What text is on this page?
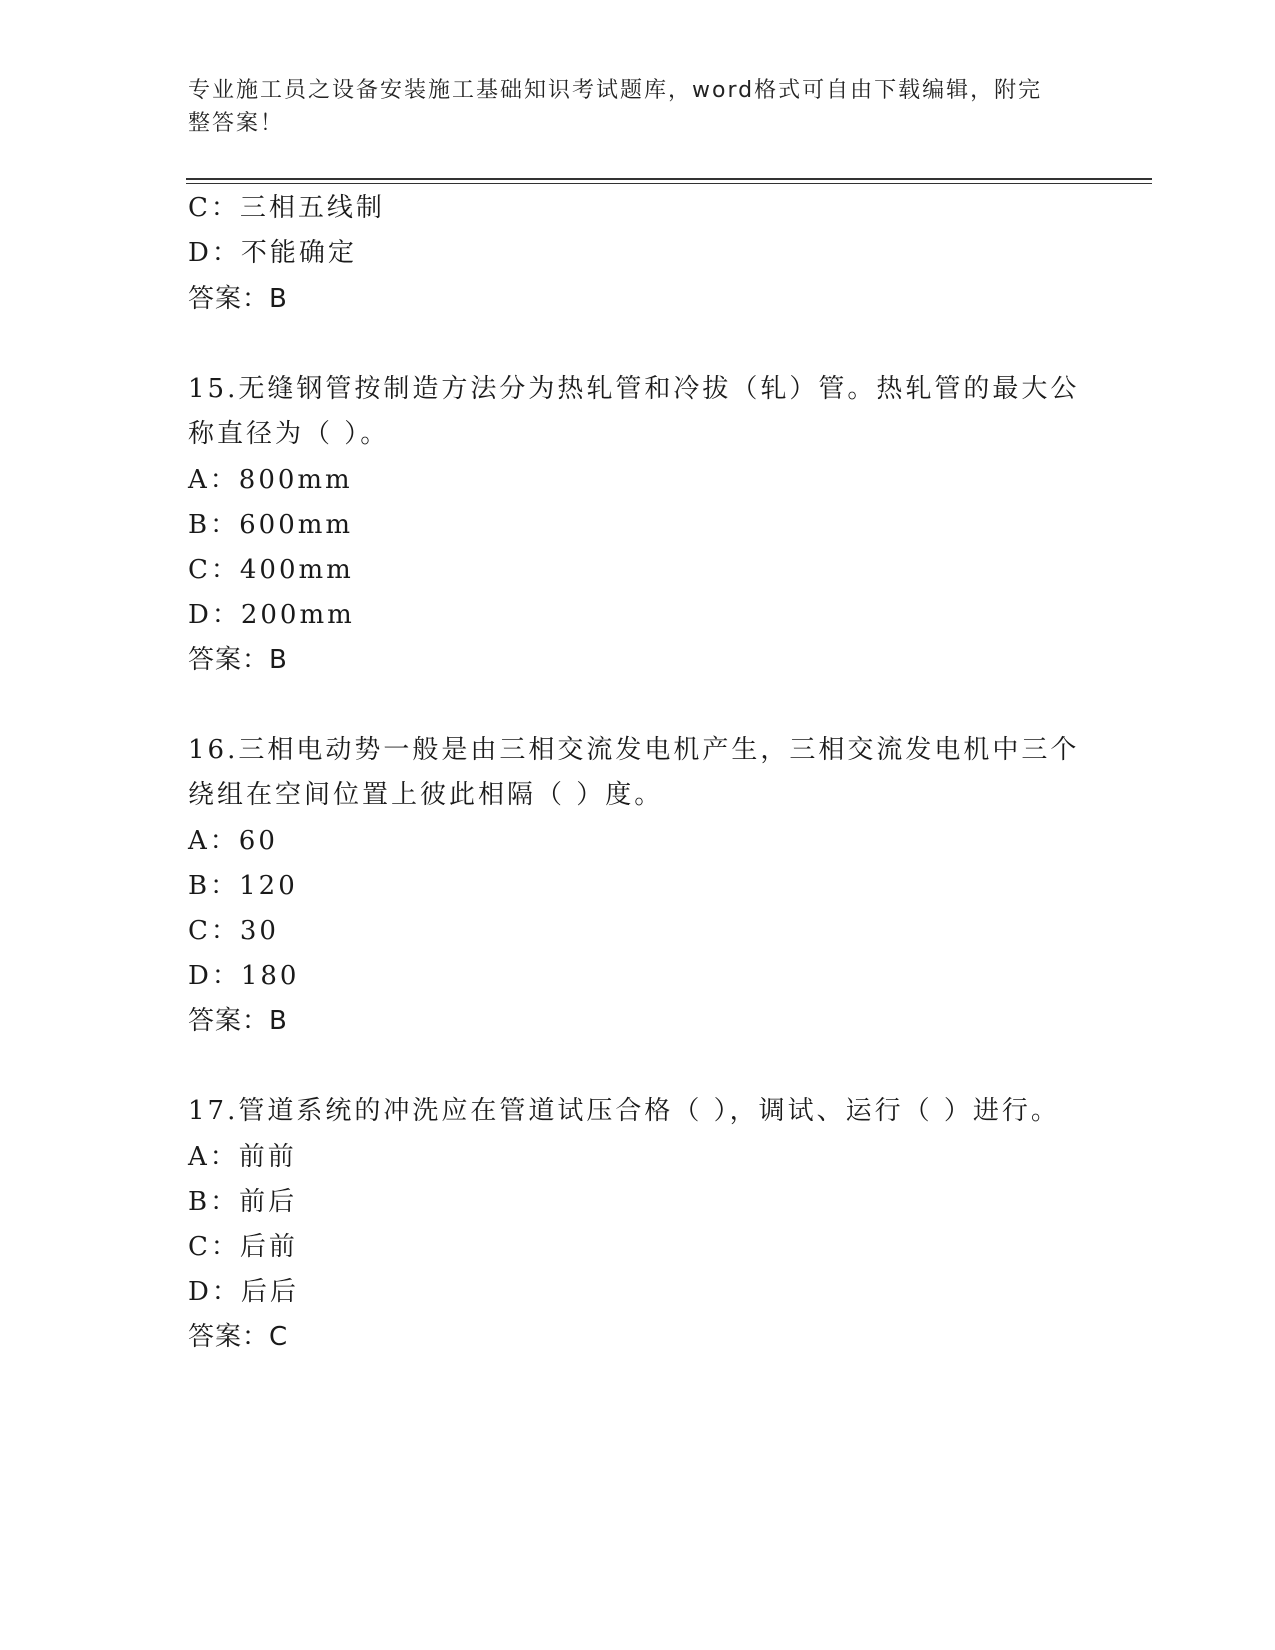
专业施工员之设备安装施工基础知识考试题库，word格式可自由下载编辑，附完
整答案！
C：三相五线制
D：不能确定
答案：B
15.无缝钢管按制造方法分为热轧管和冷拔（轧）管。热轧管的最大公
称直径为（ ）。
A：800mm
B：600mm
C：400mm
D：200mm
答案：B
16.三相电动势一般是由三相交流发电机产生，三相交流发电机中三个
绕组在空间位置上彼此相隔（ ）度。
A：60
B：120
C：30
D：180
答案：B
17.管道系统的冲洗应在管道试压合格（ ），调试、运行（ ）进行。
A：前前
B：前后
C：后前
D：后后
答案：C
